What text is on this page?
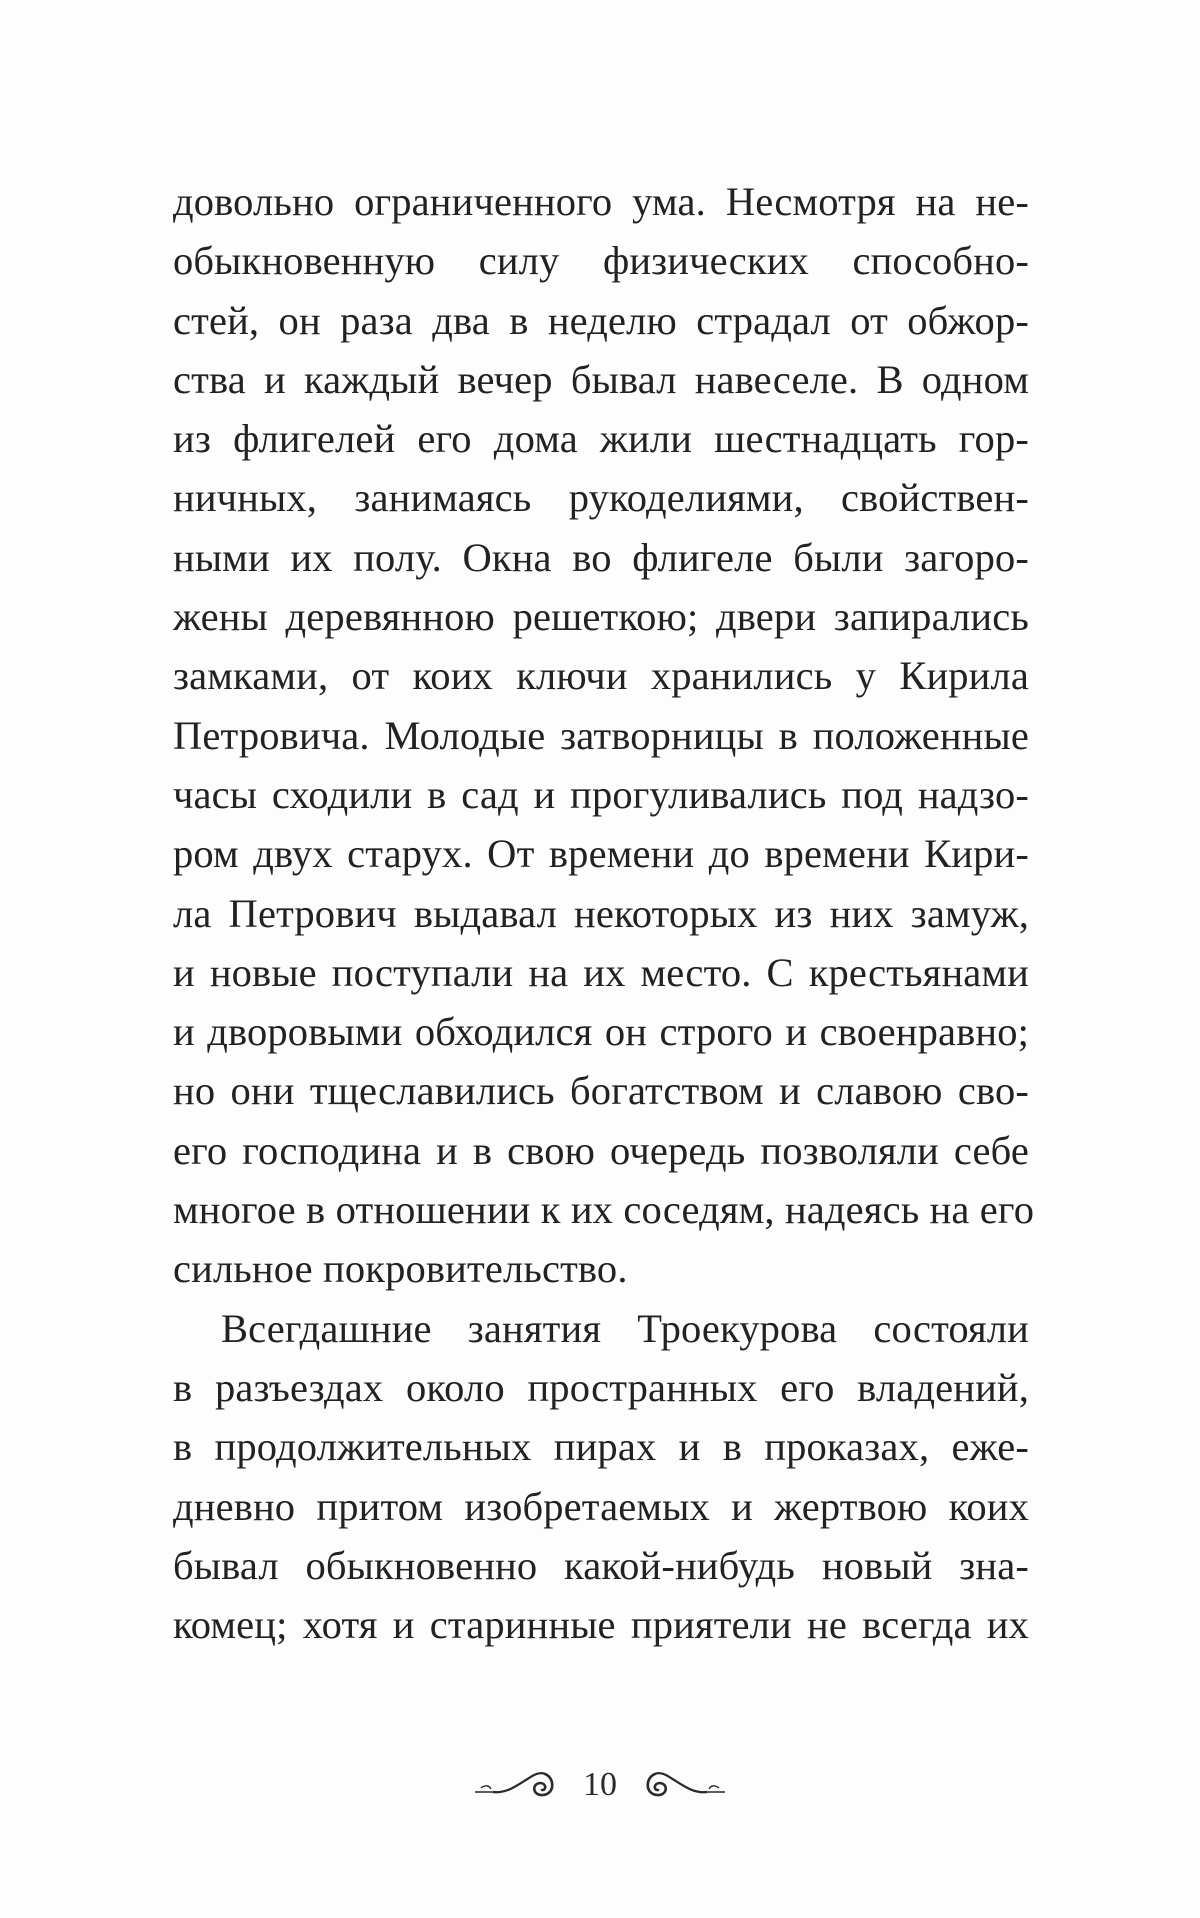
довольно ограниченного ума. Несмотря на не-
обыкновенную силу физических способно-
стей, он раза два в неделю страдал от обжор-
ства и каждый вечер бывал навеселе. В одном
из флигелей его дома жили шестнадцать гор-
ничных, занимаясь рукоделиями, свойствен-
ными их полу. Окна во флигеле были загоро-
жены деревянною решеткою; двери запирались
замками, от коих ключи хранились у Кирила
Петровича. Молодые затворницы в положенные
часы сходили в сад и прогуливались под надзо-
ром двух старух. От времени до времени Кири-
ла Петрович выдавал некоторых из них замуж,
и новые поступали на их место. С крестьянами
и дворовыми обходился он строго и своенравно;
но они тщеславились богатством и славою сво-
его господина и в свою очередь позволяли себе
многое в отношении к их соседям, надеясь на его
сильное покровительство.
Всегдашние занятия Троекурова состояли
в разъездах около пространных его владений,
в продолжительных пирах и в проказах, еже-
дневно притом изобретаемых и жертвою коих
бывал обыкновенно какой-нибудь новый зна-
комец; хотя и старинные приятели не всегда их
10
